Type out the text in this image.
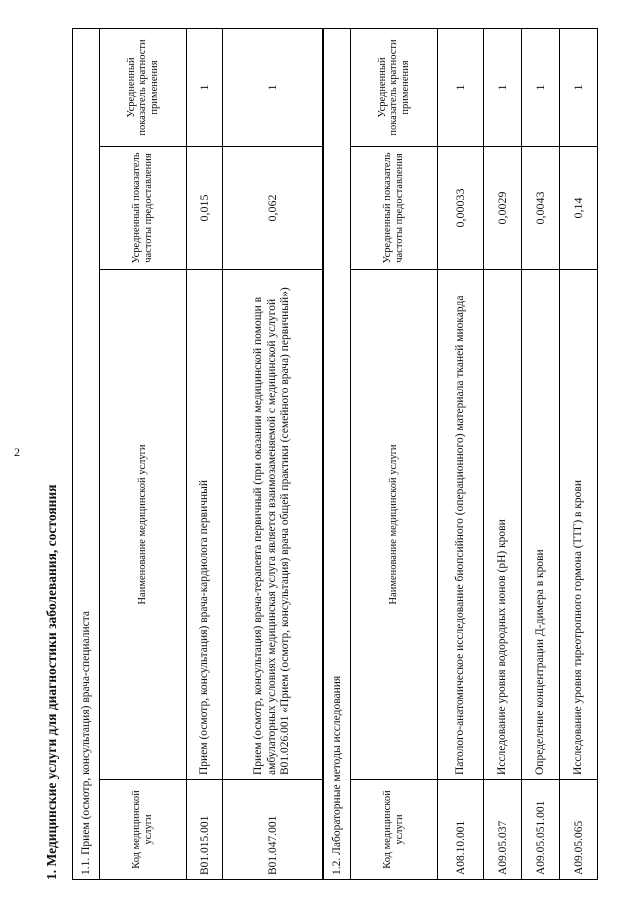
2
1. Медицинские услуги для диагностики заболевания, состояния 1.1. Прием (осмотр, консультация) врача-специалиста			
Код медицинской услуги	Наименование медицинской услуги	Усредненный показатель частоты предоставления	Усредненный показатель кратности применения
B01.015.001	Прием (осмотр, консультация) врача-кардиолога первичный	0,015	1
B01.047.001	Прием (осмотр, консультация) врача-терапевта первичный (при оказании медицинской помощи в амбулаторных условиях медицинская услуга является взаимозаменяемой с медицинской услугой B01.026.001 «Прием (осмотр, консультация) врача общей практики (семейного врача) первичный»)	0,062	1
1.2. Лабораторные методы исследования			
Код медицинской услуги	Наименование медицинской услуги	Усредненный показатель частоты предоставления	Усредненный показатель кратности применения
A08.10.001	Патолого-анатомическое исследование биопсийного (операционного) материала тканей миокарда	0,00033	1
A09.05.037	Исследование уровня водородных ионов (pH) крови	0,0029	1
A09.05.051.001	Определение концентрации Д-димера в крови	0,0043	1
A09.05.065	Исследование уровня тиреотропного гормона (ТТГ) в крови	0,14	1
